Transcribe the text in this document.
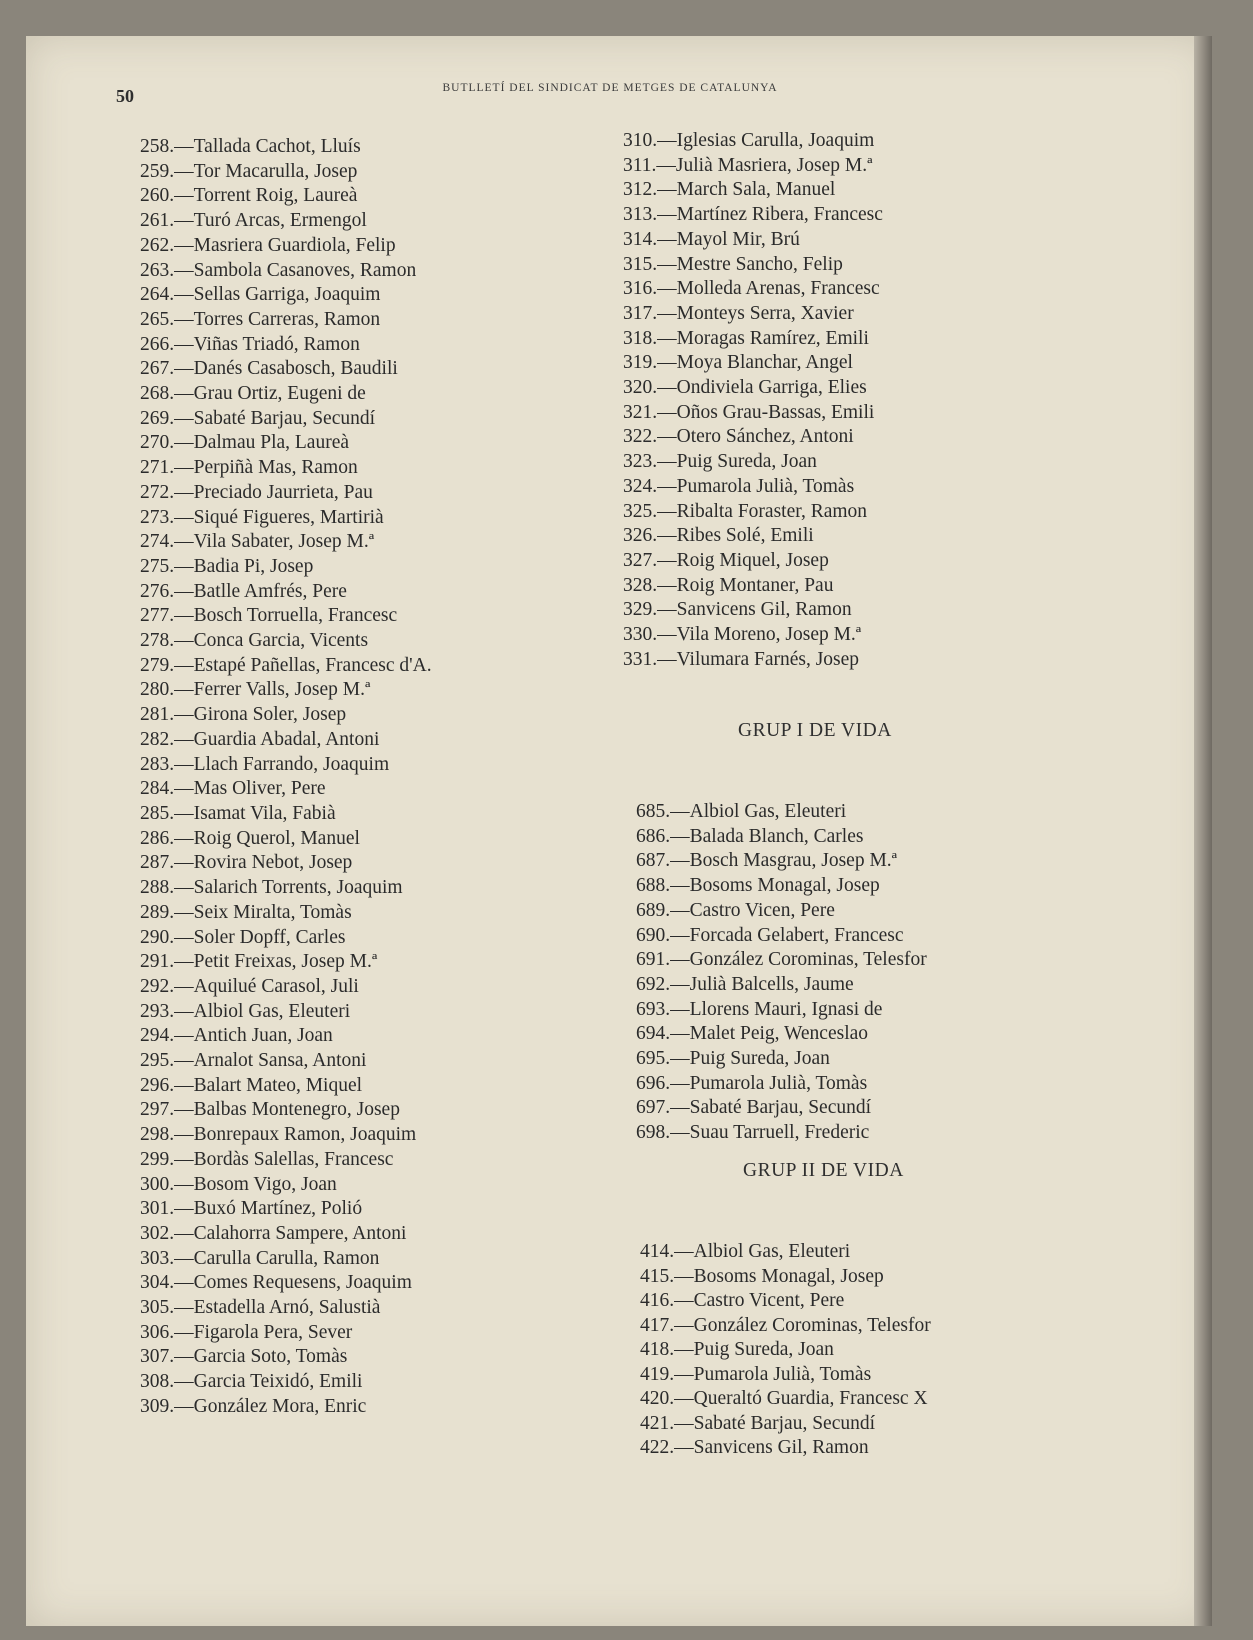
50	BUTLLETÍ DEL SINDICAT DE METGES DE CATALUNYA
258.—Tallada Cachot, Lluís
259.—Tor Macarulla, Josep
260.—Torrent Roig, Laureà
261.—Turó Arcas, Ermengol
262.—Masriera Guardiola, Felip
263.—Sambola Casanoves, Ramon
264.—Sellas Garriga, Joaquim
265.—Torres Carreras, Ramon
266.—Viñas Triadó, Ramon
267.—Danés Casabosch, Baudili
268.—Grau Ortiz, Eugeni de
269.—Sabaté Barjau, Secundí
270.—Dalmau Pla, Laureà
271.—Perpiñà Mas, Ramon
272.—Preciado Jaurrieta, Pau
273.—Siqué Figueres, Martirià
274.—Vila Sabater, Josep M.ª
275.—Badia Pi, Josep
276.—Batlle Amfrés, Pere
277.—Bosch Torruella, Francesc
278.—Conca Garcia, Vicents
279.—Estapé Pañellas, Francesc d'A.
280.—Ferrer Valls, Josep M.ª
281.—Girona Soler, Josep
282.—Guardia Abadal, Antoni
283.—Llach Farrando, Joaquim
284.—Mas Oliver, Pere
285.—Isamat Vila, Fabià
286.—Roig Querol, Manuel
287.—Rovira Nebot, Josep
288.—Salarich Torrents, Joaquim
289.—Seix Miralta, Tomàs
290.—Soler Dopff, Carles
291.—Petit Freixas, Josep M.ª
292.—Aquilué Carasol, Juli
293.—Albiol Gas, Eleuteri
294.—Antich Juan, Joan
295.—Arnalot Sansa, Antoni
296.—Balart Mateo, Miquel
297.—Balbas Montenegro, Josep
298.—Bonrepaux Ramon, Joaquim
299.—Bordàs Salellas, Francesc
300.—Bosom Vigo, Joan
301.—Buxó Martínez, Polió
302.—Calahorra Sampere, Antoni
303.—Carulla Carulla, Ramon
304.—Comes Requesens, Joaquim
305.—Estadella Arnó, Salustià
306.—Figarola Pera, Sever
307.—Garcia Soto, Tomàs
308.—Garcia Teixidó, Emili
309.—González Mora, Enric
310.—Iglesias Carulla, Joaquim
311.—Julià Masriera, Josep M.ª
312.—March Sala, Manuel
313.—Martínez Ribera, Francesc
314.—Mayol Mir, Brú
315.—Mestre Sancho, Felip
316.—Molleda Arenas, Francesc
317.—Monteys Serra, Xavier
318.—Moragas Ramírez, Emili
319.—Moya Blanchar, Angel
320.—Ondiviela Garriga, Elies
321.—Oños Grau-Bassas, Emili
322.—Otero Sánchez, Antoni
323.—Puig Sureda, Joan
324.—Pumarola Julià, Tomàs
325.—Ribalta Foraster, Ramon
326.—Ribes Solé, Emili
327.—Roig Miquel, Josep
328.—Roig Montaner, Pau
329.—Sanvicens Gil, Ramon
330.—Vila Moreno, Josep M.ª
331.—Vilumara Farnés, Josep
GRUP I DE VIDA
685.—Albiol Gas, Eleuteri
686.—Balada Blanch, Carles
687.—Bosch Masgrau, Josep M.ª
688.—Bosoms Monagal, Josep
689.—Castro Vicen, Pere
690.—Forcada Gelabert, Francesc
691.—González Corominas, Telesfor
692.—Julià Balcells, Jaume
693.—Llorens Mauri, Ignasi de
694.—Malet Peig, Wenceslao
695.—Puig Sureda, Joan
696.—Pumarola Julià, Tomàs
697.—Sabaté Barjau, Secundí
698.—Suau Tarruell, Frederic
GRUP II DE VIDA
414.—Albiol Gas, Eleuteri
415.—Bosoms Monagal, Josep
416.—Castro Vicent, Pere
417.—González Corominas, Telesfor
418.—Puig Sureda, Joan
419.—Pumarola Julià, Tomàs
420.—Queraltó Guardia, Francesc X
421.—Sabaté Barjau, Secundí
422.—Sanvicens Gil, Ramon
